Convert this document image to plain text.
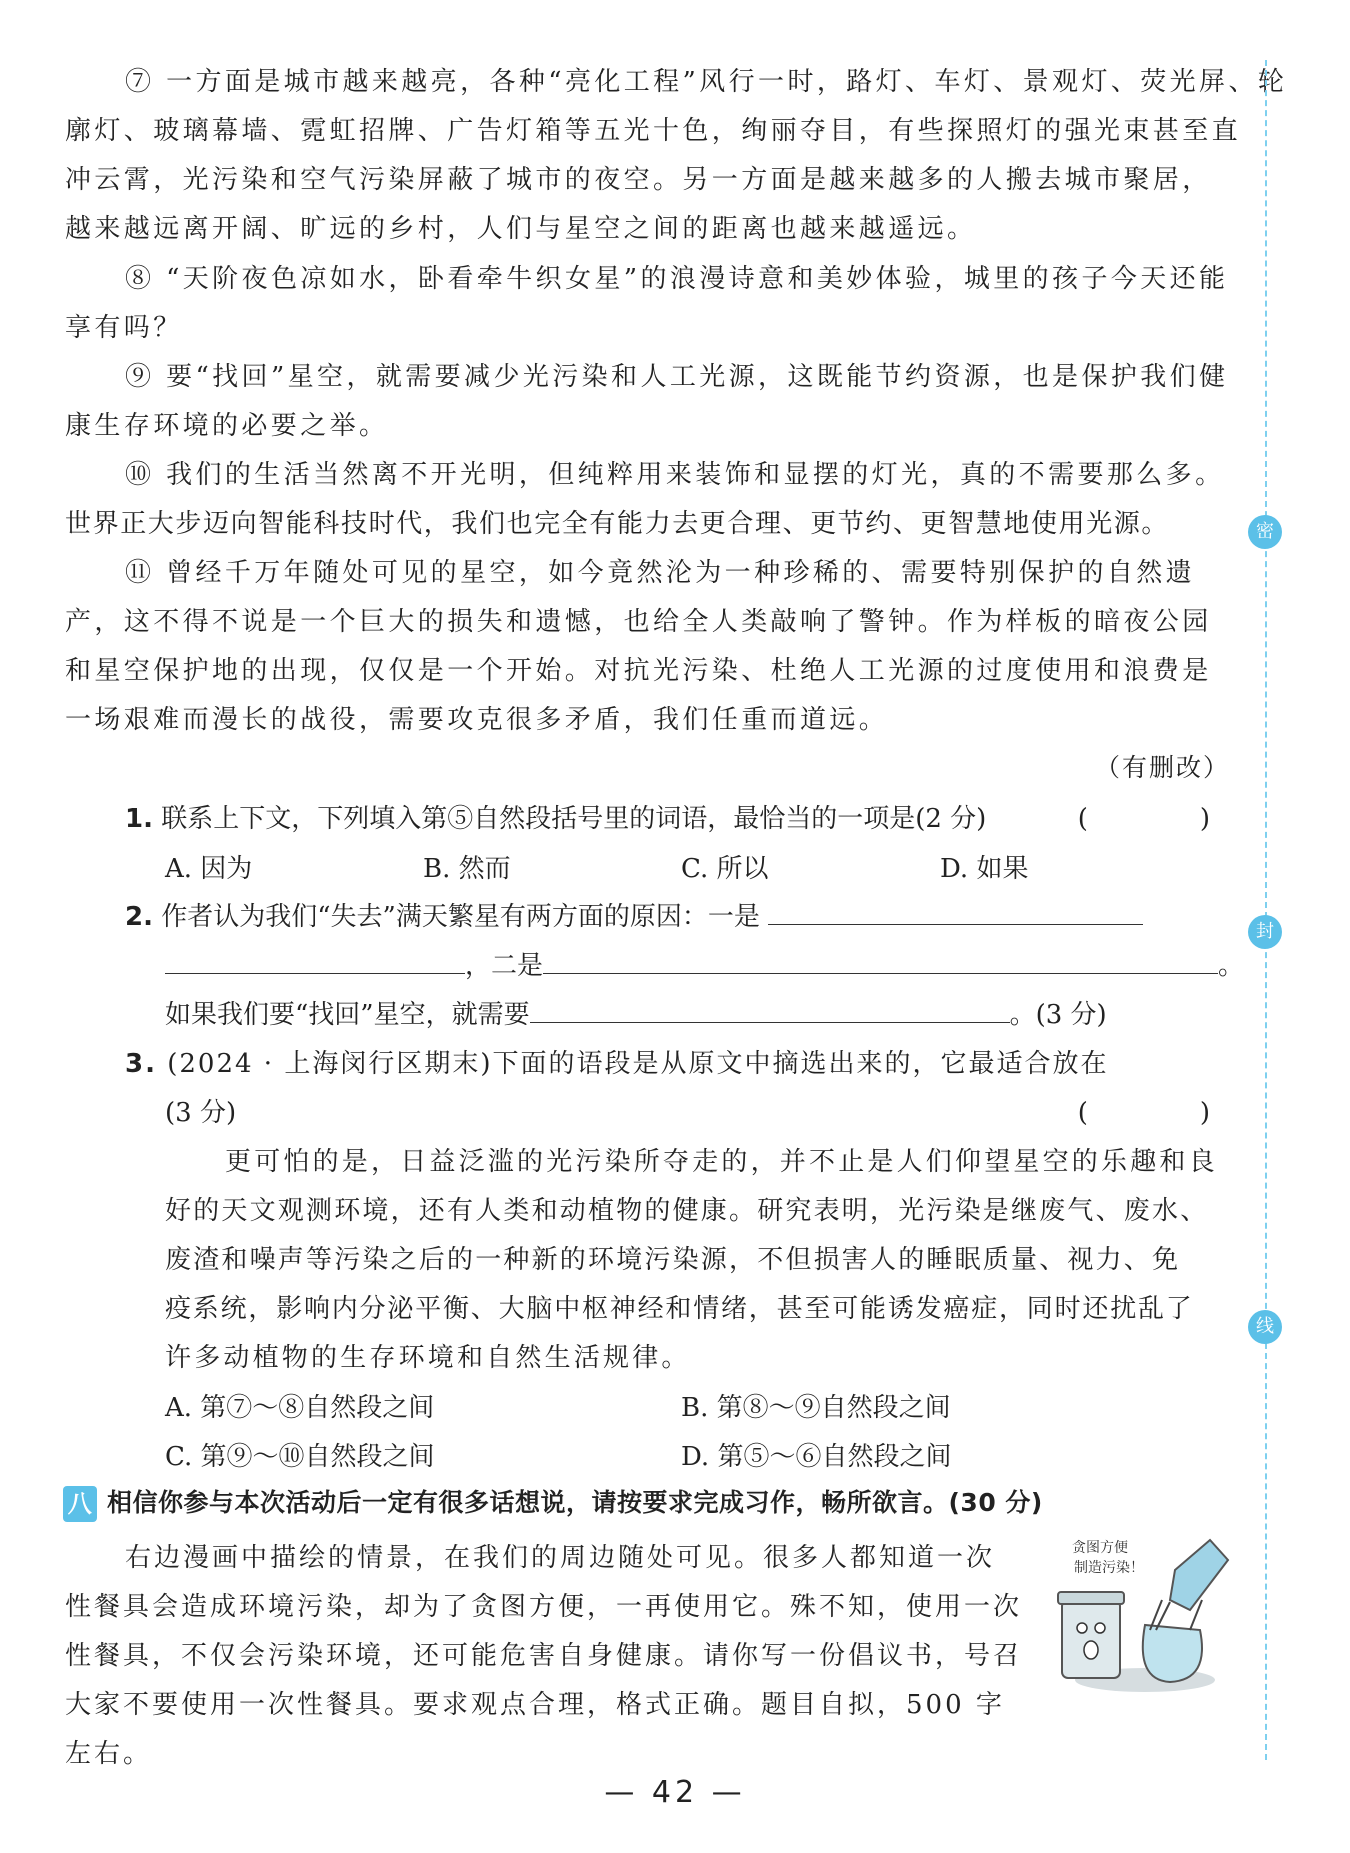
⑦ 一方面是城市越来越亮，各种“亮化工程”风行一时，路灯、车灯、景观灯、荧光屏、轮
廓灯、玻璃幕墙、霓虹招牌、广告灯箱等五光十色，绚丽夺目，有些探照灯的强光束甚至直
冲云霄，光污染和空气污染屏蔽了城市的夜空。另一方面是越来越多的人搬去城市聚居，
越来越远离开阔、旷远的乡村，人们与星空之间的距离也越来越遥远。
⑧ “天阶夜色凉如水，卧看牵牛织女星”的浪漫诗意和美妙体验，城里的孩子今天还能
享有吗？
⑨ 要“找回”星空，就需要减少光污染和人工光源，这既能节约资源，也是保护我们健
康生存环境的必要之举。
⑩ 我们的生活当然离不开光明，但纯粹用来装饰和显摆的灯光，真的不需要那么多。
世界正大步迈向智能科技时代，我们也完全有能力去更合理、更节约、更智慧地使用光源。
⑪ 曾经千万年随处可见的星空，如今竟然沦为一种珍稀的、需要特别保护的自然遗
产，这不得不说是一个巨大的损失和遗憾，也给全人类敲响了警钟。作为样板的暗夜公园
和星空保护地的出现，仅仅是一个开始。对抗光污染、杜绝人工光源的过度使用和浪费是
一场艰难而漫长的战役，需要攻克很多矛盾，我们任重而道远。
（有删改）
1. 联系上下文，下列填入第⑤自然段括号里的词语，最恰当的一项是(2 分)	(　　)
A. 因为	B. 然而	C. 所以	D. 如果
2. 作者认为我们“失去”满天繁星有两方面的原因：一是
，二是	。
如果我们要“找回”星空，就需要	。(3 分)
3. (2024 · 上海闵行区期末)下面的语段是从原文中摘选出来的，它最适合放在
(3 分)	(　　)
更可怕的是，日益泛滥的光污染所夺走的，并不止是人们仰望星空的乐趣和良
好的天文观测环境，还有人类和动植物的健康。研究表明，光污染是继废气、废水、
废渣和噪声等污染之后的一种新的环境污染源，不但损害人的睡眠质量、视力、免
疫系统，影响内分泌平衡、大脑中枢神经和情绪，甚至可能诱发癌症，同时还扰乱了
许多动植物的生存环境和自然生活规律。
A. 第⑦～⑧自然段之间	B. 第⑧～⑨自然段之间
C. 第⑨～⑩自然段之间	D. 第⑤～⑥自然段之间
八 相信你参与本次活动后一定有很多话想说，请按要求完成习作，畅所欲言。(30 分)
右边漫画中描绘的情景，在我们的周边随处可见。很多人都知道一次
性餐具会造成环境污染，却为了贪图方便，一再使用它。殊不知，使用一次
性餐具，不仅会污染环境，还可能危害自身健康。请你写一份倡议书，号召
大家不要使用一次性餐具。要求观点合理，格式正确。题目自拟，500 字
左右。
贪图方便
制造污染！
密
封
线
— 42 —
